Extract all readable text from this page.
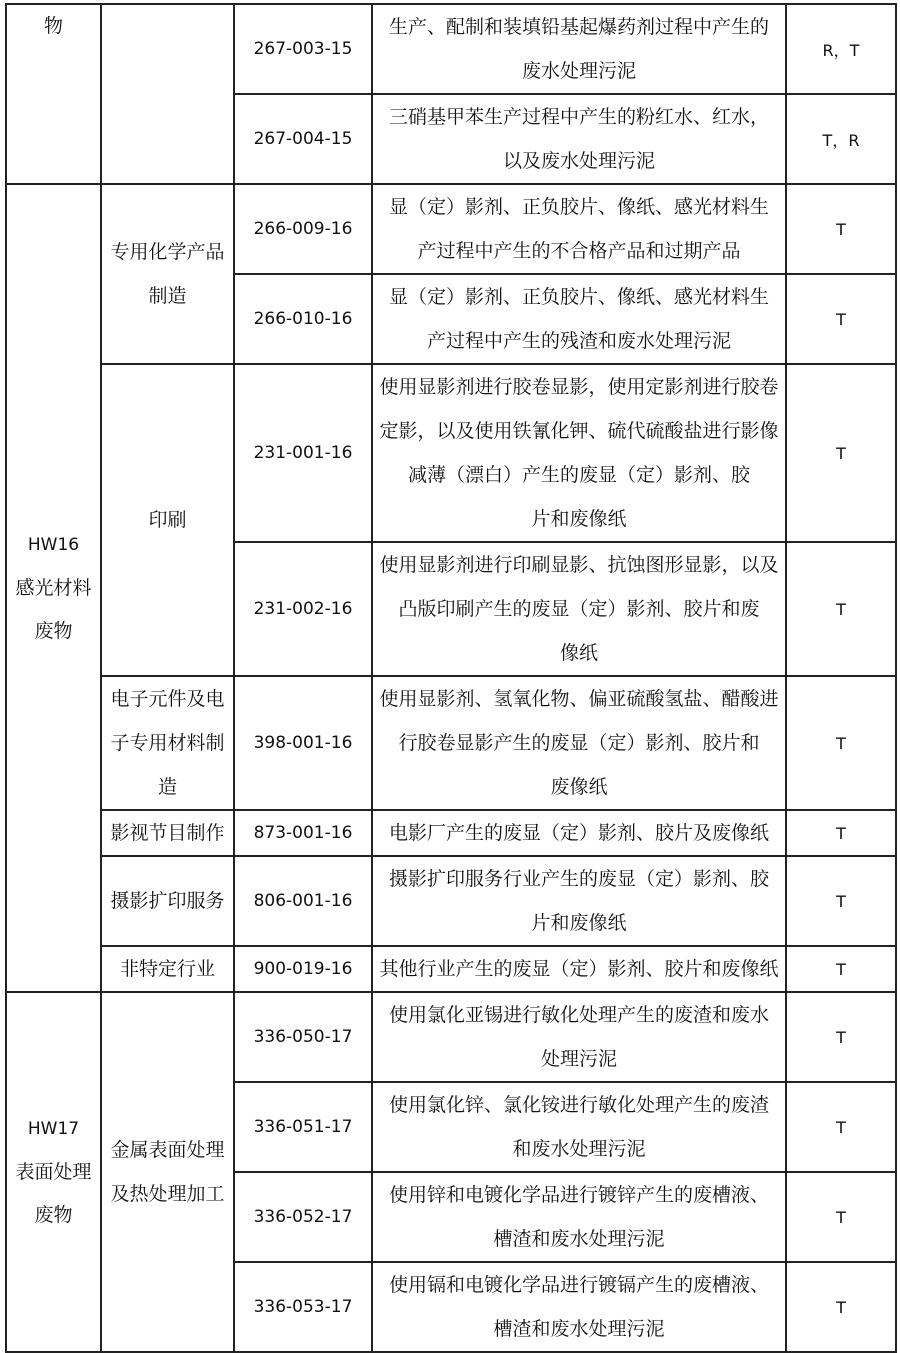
物		267-003-15	生产、配制和装填铅基起爆药剂过程中产生的
废水处理污泥	R，T
		267-004-15	三硝基甲苯生产过程中产生的粉红水、红水，
以及废水处理污泥	T，R

HW16
感光材料废物	专用化学产品制造	266-009-16	显（定）影剂、正负胶片、像纸、感光材料生
产过程中产生的不合格产品和过期产品	T
		266-010-16	显（定）影剂、正负胶片、像纸、感光材料生
产过程中产生的残渣和废水处理污泥	T
	印刷	231-001-16	使用显影剂进行胶卷显影，使用定影剂进行胶卷定影，以及使用铁氰化钾、硫代硫酸盐进行影像减薄（漂白）产生的废显（定）影剂、胶
片和废像纸	T
		231-002-16	使用显影剂进行印刷显影、抗蚀图形显影，以及凸版印刷产生的废显（定）影剂、胶片和废
像纸	T
	电子元件及电子专用材料制造	398-001-16	使用显影剂、氢氧化物、偏亚硫酸氢盐、醋酸进行胶卷显影产生的废显（定）影剂、胶片和
废像纸	T
	影视节目制作	873-001-16	电影厂产生的废显（定）影剂、胶片及废像纸	T
	摄影扩印服务	806-001-16	摄影扩印服务行业产生的废显（定）影剂、胶
片和废像纸	T
	非特定行业	900-019-16	其他行业产生的废显（定）影剂、胶片和废像纸	T

HW17
表面处理废物	金属表面处理及热处理加工	336-050-17	使用氯化亚锡进行敏化处理产生的废渣和废水
处理污泥	T
		336-051-17	使用氯化锌、氯化铵进行敏化处理产生的废渣
和废水处理污泥	T
		336-052-17	使用锌和电镀化学品进行镀锌产生的废槽液、
槽渣和废水处理污泥	T
		336-053-17	使用镉和电镀化学品进行镀镉产生的废槽液、
槽渣和废水处理污泥	T
